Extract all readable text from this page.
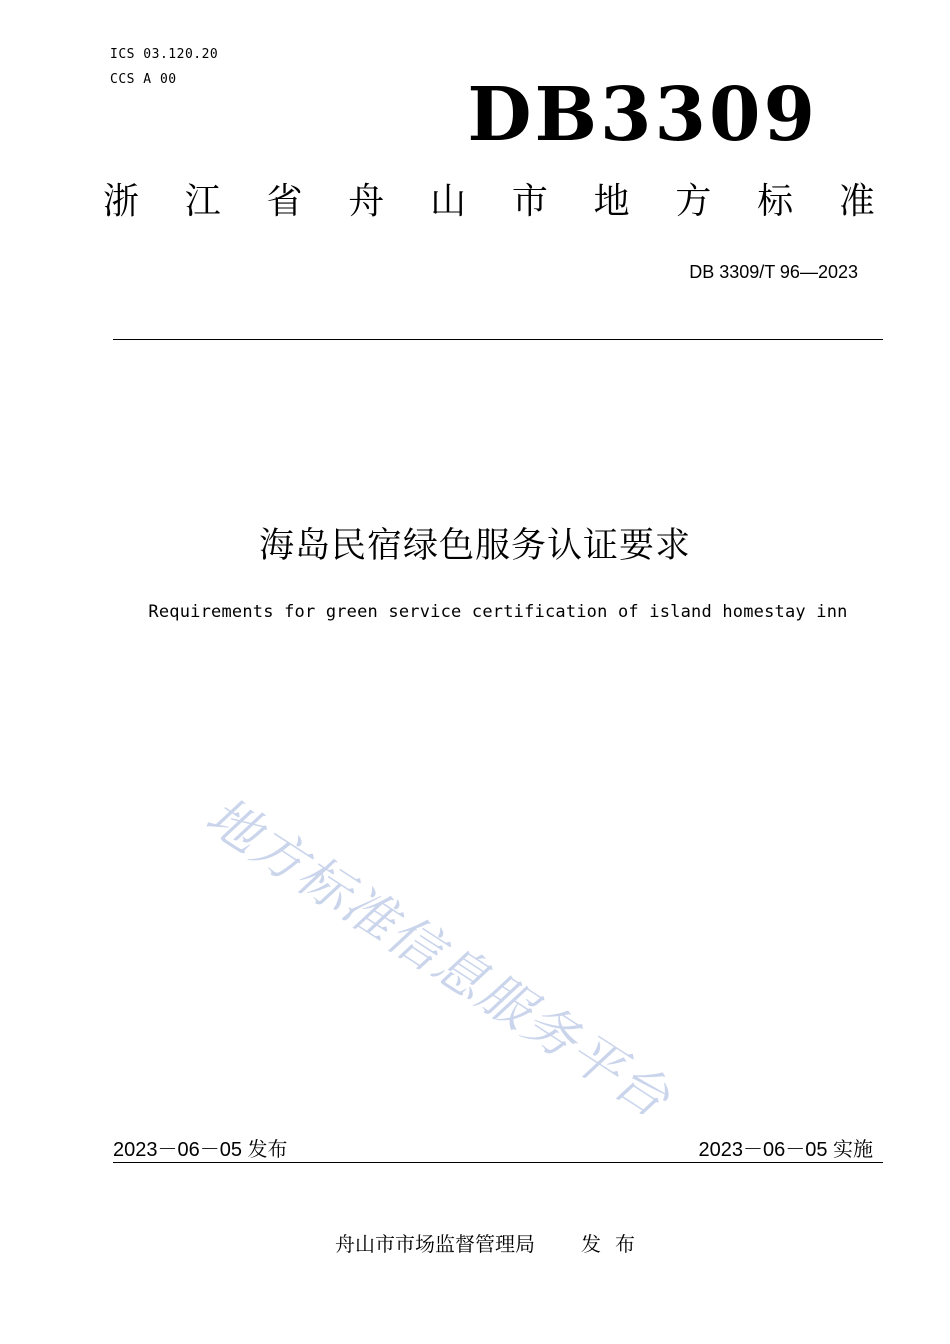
ICS 03.120.20
CCS A 00	DB3309
浙 江 省 舟 山 市 地 方 标 准
DB 3309/T 96—2023
海岛民宿绿色服务认证要求
Requirements for green service certification of island homestay inn
地方标准信息服务平台
2023－06－05 发布	2023－06－05 实施
舟山市市场监督管理局 发布
